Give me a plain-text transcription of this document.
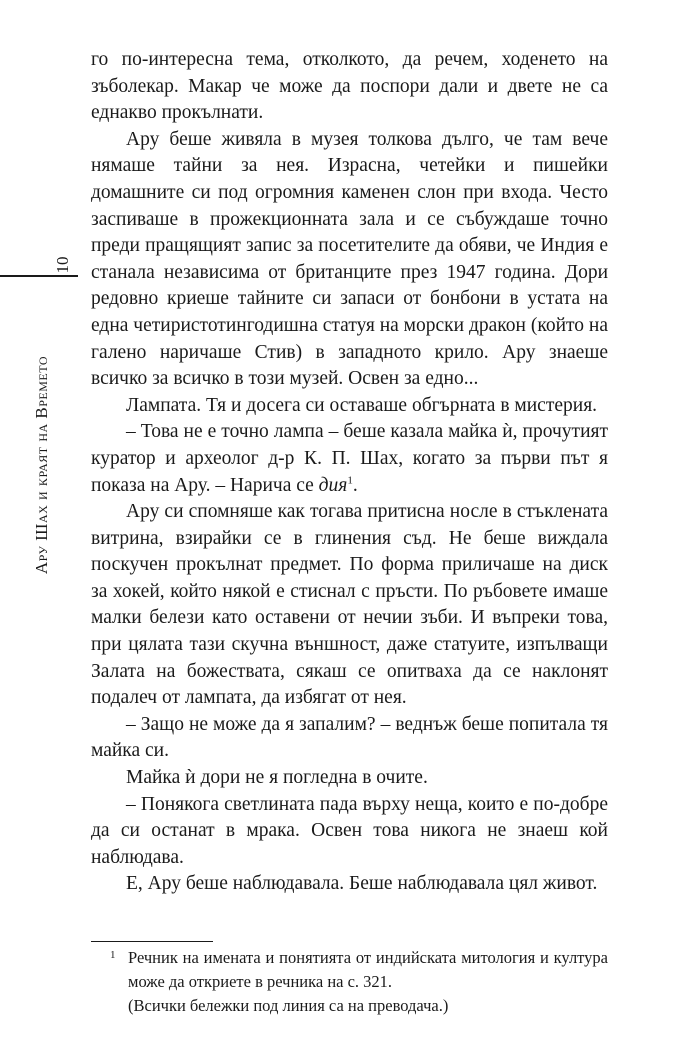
10
Ару Шах и краят на Времето

го по-интересна тема, отколкото, да речем, ходенето на зъболекар. Макар че може да поспори дали и двете не са еднакво прокълнати.

Ару беше живяла в музея толкова дълго, че там вече нямаше тайни за нея. Израсна, четейки и пишейки домашните си под огромния каменен слон при входа. Често заспиваше в прожекционната зала и се събуждаше точно преди пращящият запис за посетителите да обяви, че Индия е станала независима от британците през 1947 година. Дори редовно криеше тайните си запаси от бонбони в устата на една четиристотингодишна статуя на морски дракон (който на галено наричаше Стив) в западното крило. Ару знаеше всичко за всичко в този музей. Освен за едно...

Лампата. Тя и досега си оставаше обгърната в мистерия.

– Това не е точно лампа – беше казала майка ѝ, прочутият куратор и археолог д-р К. П. Шах, когато за първи път я показа на Ару. – Нарича се дия$^1$.

Ару си спомняше как тогава притисна носле в стъклената витрина, взирайки се в глинения съд. Не беше виждала поскучен прокълнат предмет. По форма приличаше на диск за хокей, който някой е стиснал с пръсти. По ръбовете имаше малки белези като оставени от нечии зъби. И въпреки това, при цялата тази скучна външност, даже статуите, изпълващи Залата на божествата, сякаш се опитваха да се наклонят подалеч от лампата, да избягат от нея.

– Защо не може да я запалим? – веднъж беше попитала тя майка си.

Майка ѝ дори не я погледна в очите.

– Понякога светлината пада върху неща, които е по-добре да си останат в мрака. Освен това никога не знаеш кой наблюдава.

Е, Ару беше наблюдавала. Беше наблюдавала цял живот.

1 Речник на имената и понятията от индийската митология и култура може да откриете в речника на с. 321.

(Всички бележки под линия са на преводача.)
